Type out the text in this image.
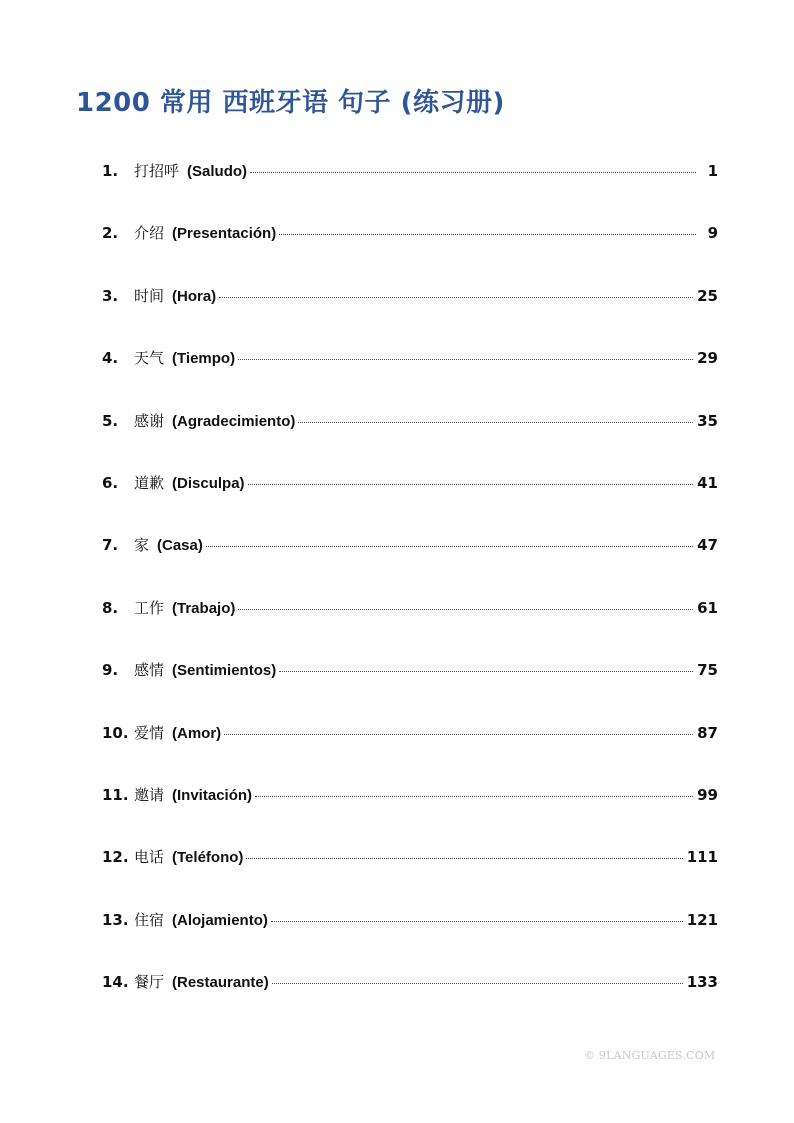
1200 常用 西班牙语 句子 (练习册)
1.	打招呼 (Saludo)	1
2.	介绍 (Presentación)	9
3.	时间 (Hora)	25
4.	天气 (Tiempo)	29
5.	感谢 (Agradecimiento)	35
6.	道歉 (Disculpa)	41
7.	家 (Casa)	47
8.	工作 (Trabajo)	61
9.	感情 (Sentimientos)	75
10. 爱情 (Amor)	87
11. 邀请 (Invitación)	99
12. 电话 (Teléfono)	111
13. 住宿 (Alojamiento)	121
14. 餐厅 (Restaurante)	133
© 9LANGUAGES.COM
